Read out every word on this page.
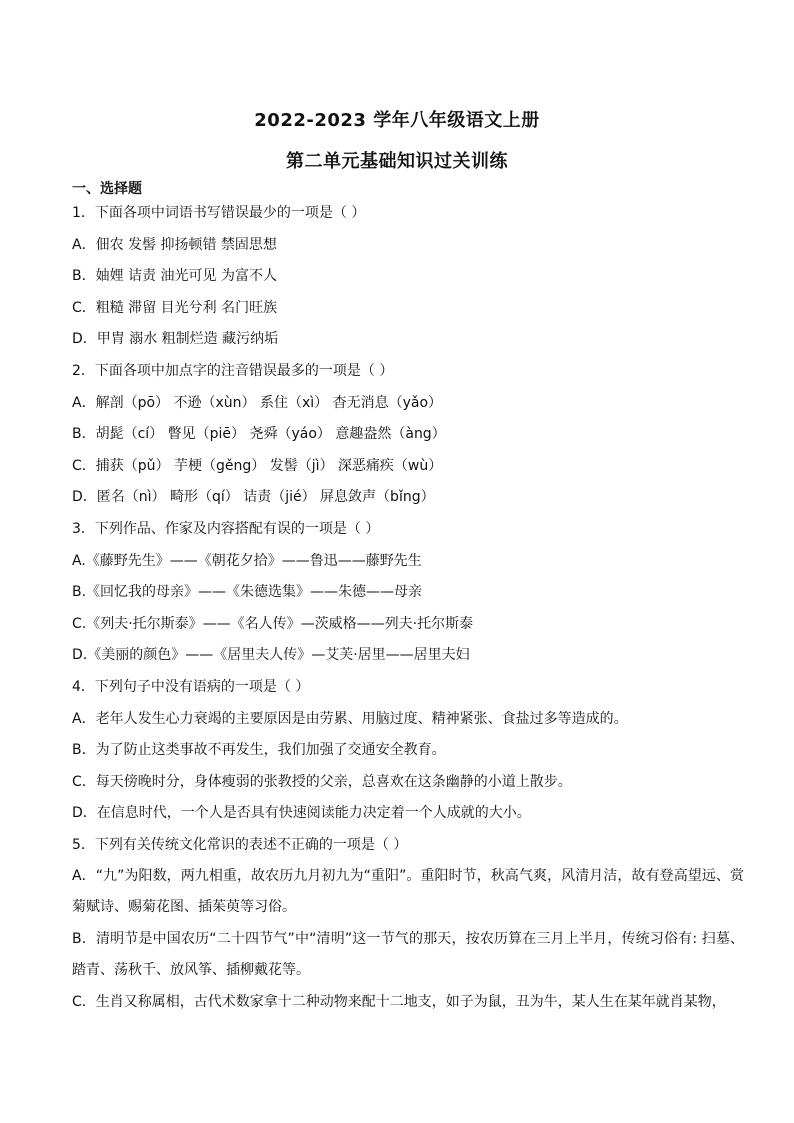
2022-2023 学年八年级语文上册
第二单元基础知识过关训练
一、选择题
1．下面各项中词语书写错误最少的一项是（ ）
A．佃农 发髻 抑扬顿错 禁固思想
B．妯娌 诘责 油光可见 为富不人
C．粗糙 滞留 目光兮利 名门旺族
D．甲胄 溺水 粗制烂造 藏污纳垢
2．下面各项中加点字的注音错误最多的一项是（ ）
A．解剖（pō） 不逊（xùn） 系住（xì） 杳无消息（yǎo）
B．胡髭（cí） 瞥见（piē） 尧舜（yáo） 意趣盎然（àng）
C．捕获（pǔ） 芋梗（gěng） 发髻（jì） 深恶痛疾（wù）
D．匿名（nì） 畸形（qí） 诘责（jié） 屏息敛声（bǐng）
3．下列作品、作家及内容搭配有误的一项是（ ）
A.《藤野先生》——《朝花夕拾》——鲁迅——藤野先生
B.《回忆我的母亲》——《朱德选集》——朱德——母亲
C.《列夫·托尔斯泰》——《名人传》—茨威格——列夫·托尔斯泰
D.《美丽的颜色》——《居里夫人传》—艾芙·居里——居里夫妇
4．下列句子中没有语病的一项是（ ）
A．老年人发生心力衰竭的主要原因是由劳累、用脑过度、精神紧张、食盐过多等造成的。
B．为了防止这类事故不再发生，我们加强了交通安全教育。
C．每天傍晚时分，身体瘦弱的张教授的父亲，总喜欢在这条幽静的小道上散步。
D．在信息时代，一个人是否具有快速阅读能力决定着一个人成就的大小。
5．下列有关传统文化常识的表述不正确的一项是（ ）
A．“九”为阳数，两九相重，故农历九月初九为“重阳”。重阳时节，秋高气爽，风清月洁，故有登高望远、赏菊赋诗、赐菊花图、插茱萸等习俗。
B．清明节是中国农历“二十四节气”中“清明”这一节气的那天，按农历算在三月上半月，传统习俗有: 扫墓、踏青、荡秋千、放风筝、插柳戴花等。
C．生肖又称属相，古代术数家拿十二种动物来配十二地支，如子为鼠，丑为牛，某人生在某年就肖某物，
